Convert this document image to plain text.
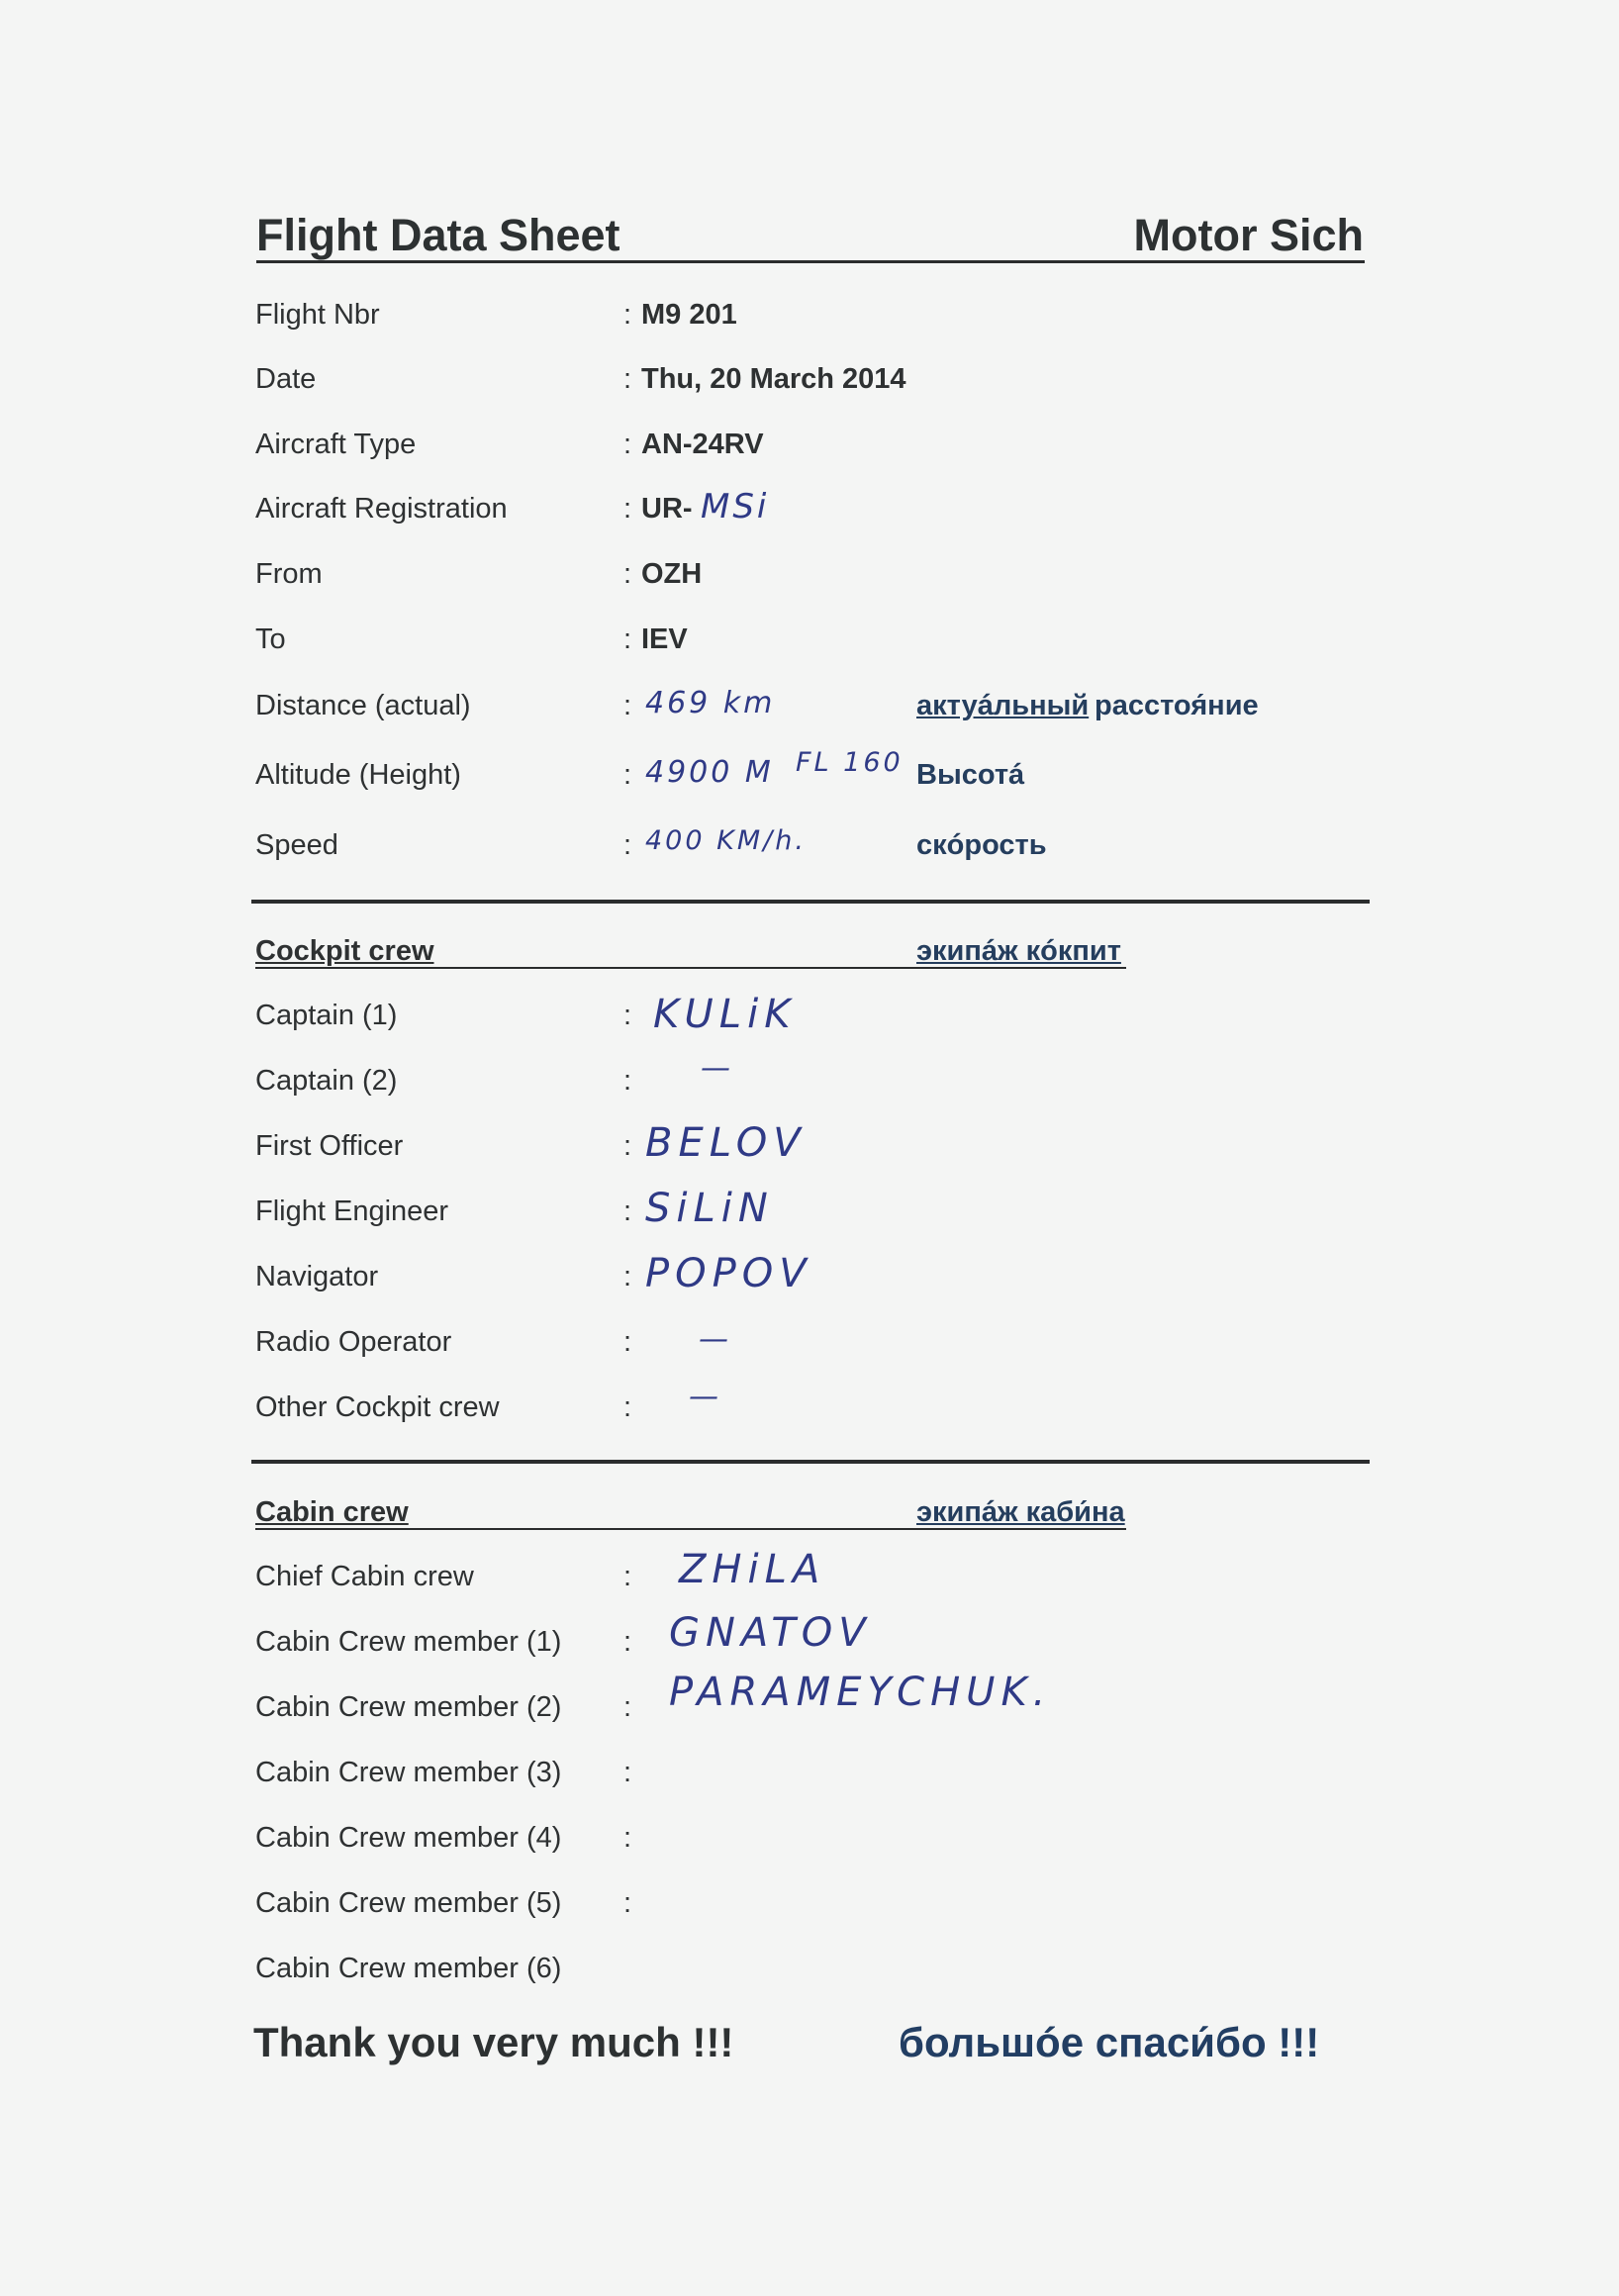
Flight Data Sheet	Motor Sich
Flight Nbr	: M9 201
Date	: Thu, 20 March 2014
Aircraft Type	: AN-24RV
Aircraft Registration	: UR- MSi
From	: OZH
To	: IEV
Distance (actual)	: 469 km	актуáльный расстоя́ние
Altitude (Height)	: 4900 M FL 160 Высотá
Speed	: 400 KM/h.	скóрость
Cockpit crew	экипáж кóкпит
Captain (1)	: KULiK
Captain (2)	: —
First Officer	: BELOV
Flight Engineer	: SiLiN
Navigator	: POPOV
Radio Operator	: —
Other Cockpit crew	: —
Cabin crew	экипáж каби́на
Chief Cabin crew	: ZHiLA
Cabin Crew member (1) : GNATOV
Cabin Crew member (2) : PARAMEYCHUK.
Cabin Crew member (3) :
Cabin Crew member (4) :
Cabin Crew member (5) :
Cabin Crew member (6)
Thank you very much !!!	большóе спаси́бо !!!
